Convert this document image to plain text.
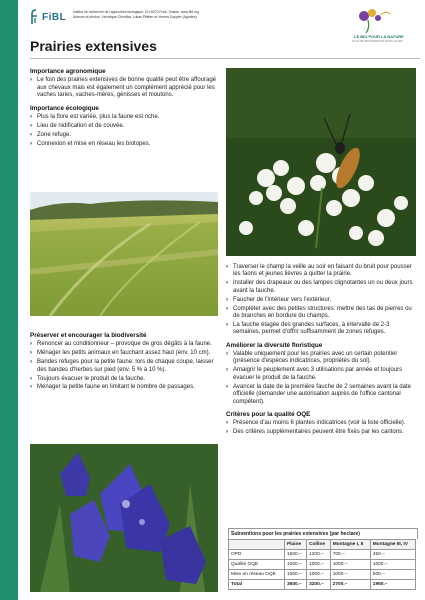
FiBL Institut de recherche de l'agriculture biologique, CH-5070 Frick, Suisse, www.fibl.org
Auteurs et photos: Véronique Chevillat, Lukas Pfiffner et Verena Doppler (Agridéa)
LE BIO POUR LA NATURE
PLUS DE BIODIVERSITÉ DANS LE BIO
Prairies extensives
Importance agronomique
› Le foin des prairies extensives de bonne qualité peut être affouragé aux chevaux mais est également un complément apprécié pour les vaches taries, vaches-mères, génisses et moutons.
Importance écologique
› Plus la flore est variée, plus la faune est riche.
› Lieu de nidification et de couvée.
› Zone refuge.
› Connexion et mise en réseau les biotopes.
Préserver et encourager la biodiversité
› Renoncer au conditionneur – provoque de gros dégâts à la faune.
› Ménager les petits animaux en fauchant assez haut (env. 10 cm).
› Bandes refuges pour la petite faune: lors de chaque coupe, laisser des bandes d'herbes sur pied (env. 5 % à 10 %).
› Toujours évacuer le produit de la fauche.
› Ménager la petite faune en limitant le nombre de passages.
› Traverser le champ la veille au soir en faisant du bruit pour pousser les faons et jeunes lièvres à quitter la prairie.
› Installer des drapeaux ou des lampes clignotantes un ou deux jours avant la fauche.
› Faucher de l'intérieur vers l'extérieur.
› Compléter avec des petites structures: mettre des tas de pierres ou de branches en bordure du champs.
› La fauche étagée des grandes surfaces, à intervalle de 2-3 semaines, permet d'offrir suffisamment de zones refuges.
Améliorer la diversité floristique
› Valable uniquement pour les prairies avec un certain potentiel (présence d'espèces indicatrices, propriétés du sol).
› Amaigrir le peuplement avec 3 utilisations par année et toujours évacuer le produit de la fauche.
› Avancer la date de la première fauche de 2 semaines avant la date officielle (demander une autorisation auprès de l'office cantonal compétent).
Critères pour la qualité OQE
› Présence d'au moins 6 plantes indicatrices (voir la liste officielle).
› Des critères supplémentaires peuvent être fixés par les cantons.
Subventions pour les prairies extensives (par hectare)
	Plaine	Colline	Montagne I, II	Montagne III, IV
OPD	1500.–	1200.–	700.–	450.–
Qualité OQE	1000.–	1000.–	1000.–	1000.–
Mise en réseau OQE	1000.–	1000.–	1000.–	500.–
Total	3500.–	3200.–	2700.–	1950.–
